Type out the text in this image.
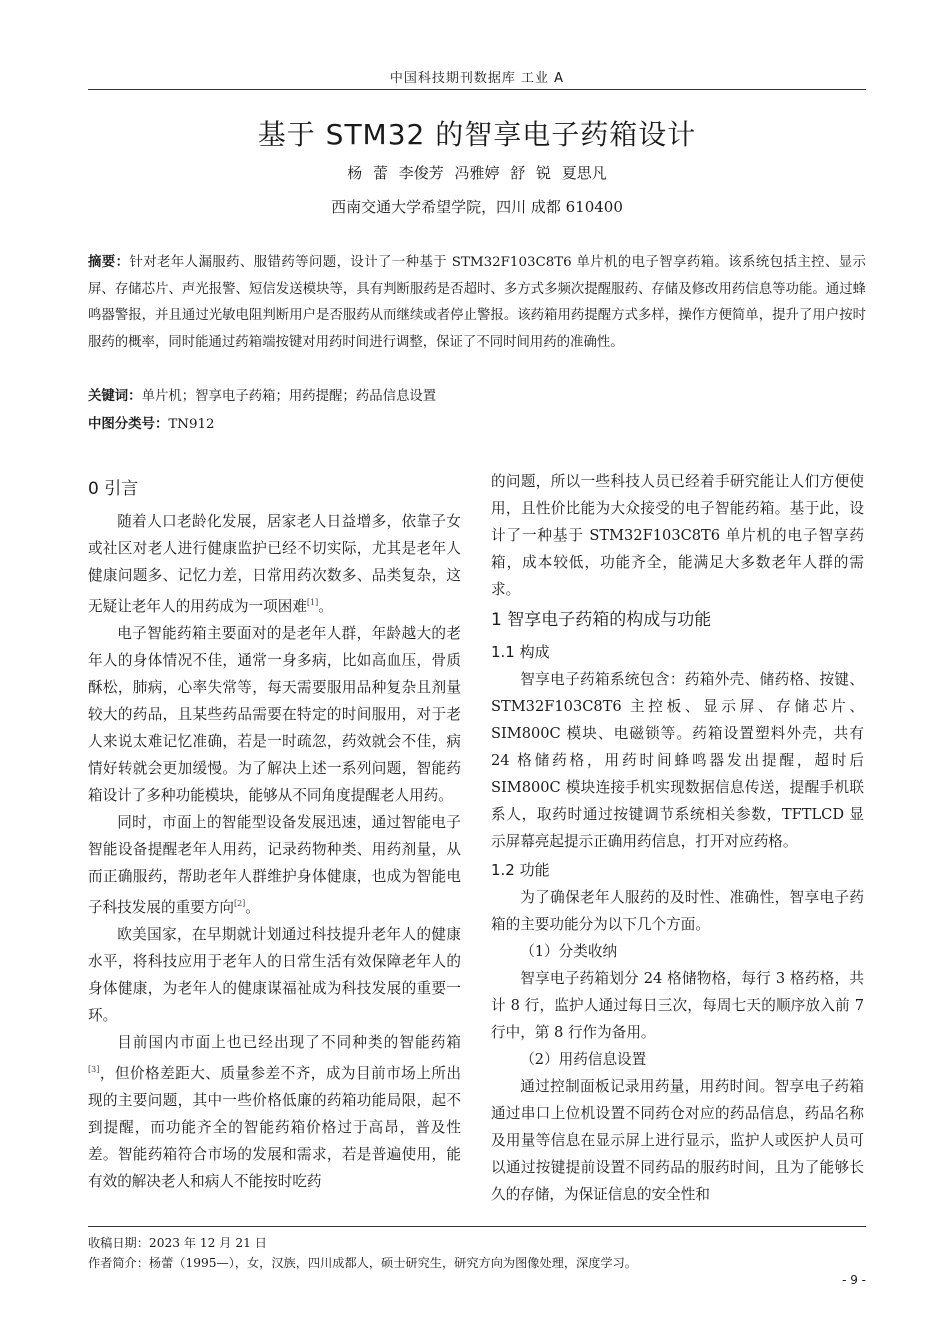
中国科技期刊数据库 工业 A
基于 STM32 的智享电子药箱设计
杨 蕾 李俊芳 冯雅婷 舒 锐 夏思凡
西南交通大学希望学院，四川 成都 610400

摘要：针对老年人漏服药、服错药等问题，设计了一种基于 STM32F103C8T6 单片机的电子智享药箱。该系统包括主控、显示屏、存储芯片、声光报警、短信发送模块等，具有判断服药是否超时、多方式多频次提醒服药、存储及修改用药信息等功能。通过蜂鸣器警报，并且通过光敏电阻判断用户是否服药从而继续或者停止警报。该药箱用药提醒方式多样，操作方便简单，提升了用户按时服药的概率，同时能通过药箱端按键对用药时间进行调整，保证了不同时间用药的准确性。

关键词：单片机；智享电子药箱；用药提醒；药品信息设置
中图分类号：TN912

0 引言

随着人口老龄化发展，居家老人日益增多，依靠子女或社区对老人进行健康监护已经不切实际，尤其是老年人健康问题多、记忆力差，日常用药次数多、品类复杂，这无疑让老年人的用药成为一项困难[1]。

电子智能药箱主要面对的是老年人群，年龄越大的老年人的身体情况不佳，通常一身多病，比如高血压，骨质酥松，肺病，心率失常等，每天需要服用品种复杂且剂量较大的药品，且某些药品需要在特定的时间服用，对于老人来说太难记忆准确，若是一时疏忽，药效就会不佳，病情好转就会更加缓慢。为了解决上述一系列问题，智能药箱设计了多种功能模块，能够从不同角度提醒老人用药。

同时，市面上的智能型设备发展迅速，通过智能电子智能设备提醒老年人用药，记录药物种类、用药剂量，从而正确服药，帮助老年人群维护身体健康，也成为智能电子科技发展的重要方向[2]。

欧美国家，在早期就计划通过科技提升老年人的健康水平，将科技应用于老年人的日常生活有效保障老年人的身体健康，为老年人的健康谋福祉成为科技发展的重要一环。

目前国内市面上也已经出现了不同种类的智能药箱[3]，但价格差距大、质量参差不齐，成为目前市场上所出现的主要问题，其中一些价格低廉的药箱功能局限，起不到提醒，而功能齐全的智能药箱价格过于高昂，普及性差。智能药箱符合市场的发展和需求，若是普遍使用，能有效的解决老人和病人不能按时吃药

的问题，所以一些科技人员已经着手研究能让人们方便使用，且性价比能为大众接受的电子智能药箱。基于此，设计了一种基于 STM32F103C8T6 单片机的电子智享药箱，成本较低，功能齐全，能满足大多数老年人群的需求。

1 智享电子药箱的构成与功能

1.1 构成

智享电子药箱系统包含：药箱外壳、储药格、按键、STM32F103C8T6 主控板、显示屏、存储芯片、SIM800C 模块、电磁锁等。药箱设置塑料外壳，共有 24 格储药格，用药时间蜂鸣器发出提醒，超时后 SIM800C 模块连接手机实现数据信息传送，提醒手机联系人，取药时通过按键调节系统相关参数，TFTLCD 显示屏幕亮起提示正确用药信息，打开对应药格。

1.2 功能

为了确保老年人服药的及时性、准确性，智享电子药箱的主要功能分为以下几个方面。

（1）分类收纳

智享电子药箱划分 24 格储物格，每行 3 格药格，共计 8 行，监护人通过每日三次，每周七天的顺序放入前 7 行中，第 8 行作为备用。

（2）用药信息设置

通过控制面板记录用药量，用药时间。智享电子药箱通过串口上位机设置不同药仓对应的药品信息，药品名称及用量等信息在显示屏上进行显示，监护人或医护人员可以通过按键提前设置不同药品的服药时间，且为了能够长久的存储，为保证信息的安全性和

收稿日期：2023 年 12 月 21 日
作者简介：杨蕾（1995—），女，汉族，四川成都人，硕士研究生，研究方向为图像处理，深度学习。
- 9 -
